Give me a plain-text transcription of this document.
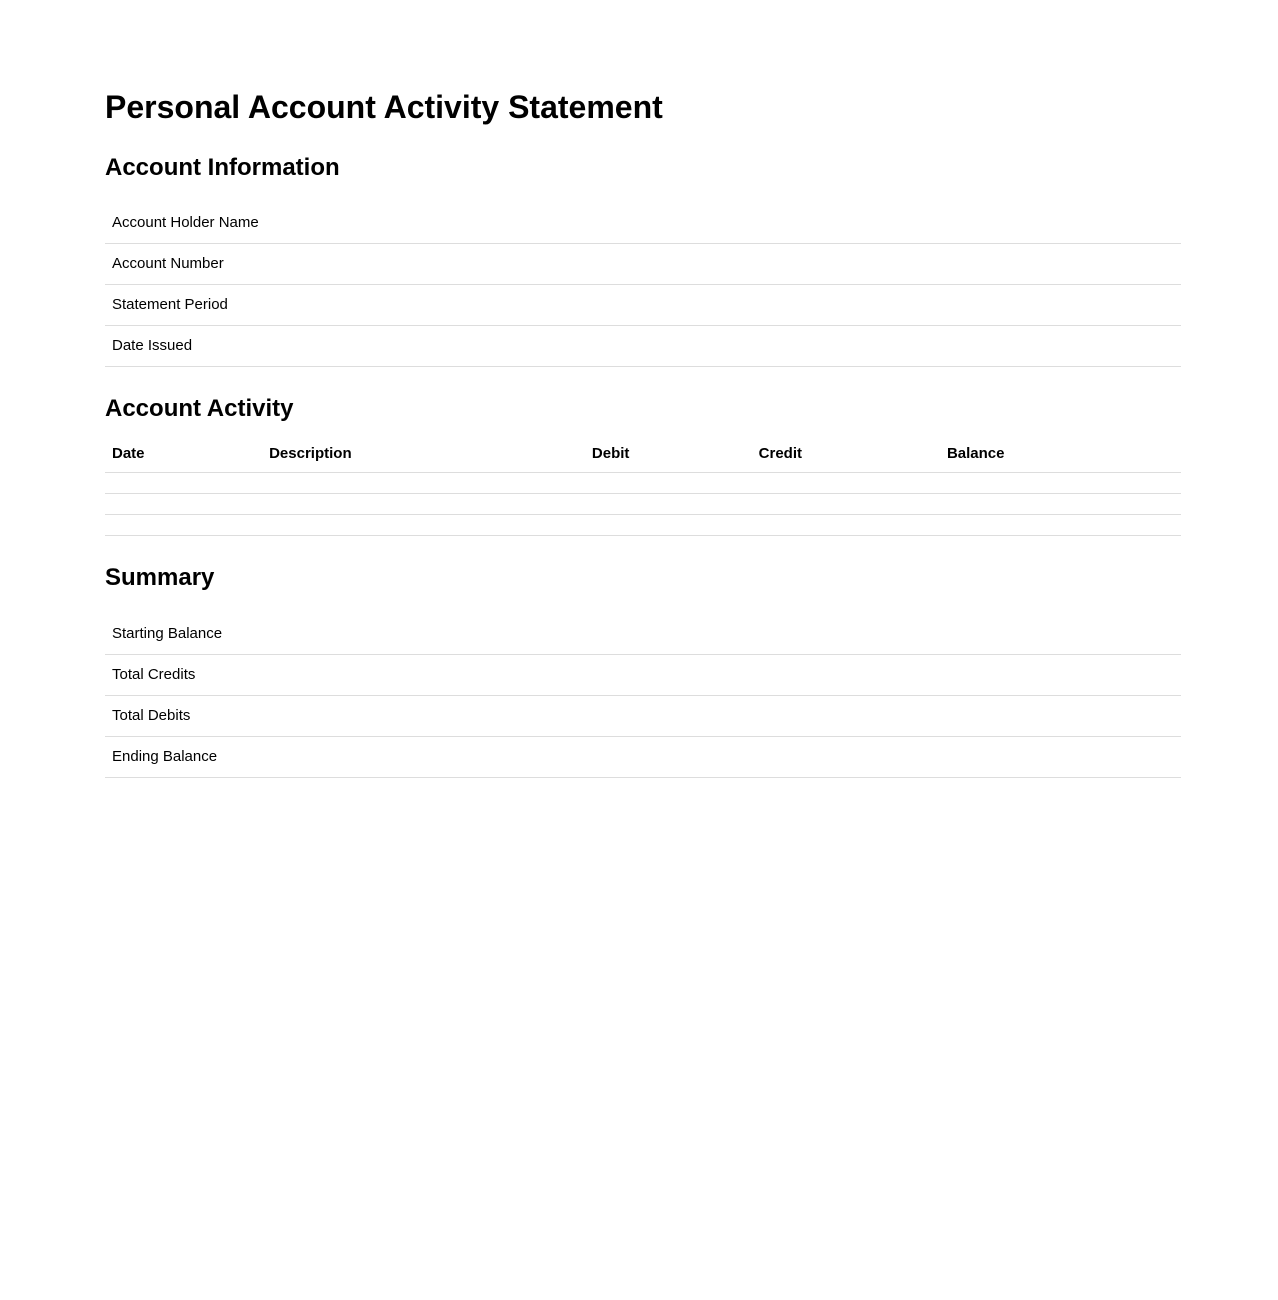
Personal Account Activity Statement
Account Information
Account Holder Name	
Account Number	
Statement Period	
Date Issued	
Account Activity
Date	Description	Debit	Credit	Balance

Summary
Starting Balance	
Total Credits	
Total Debits	
Ending Balance	
